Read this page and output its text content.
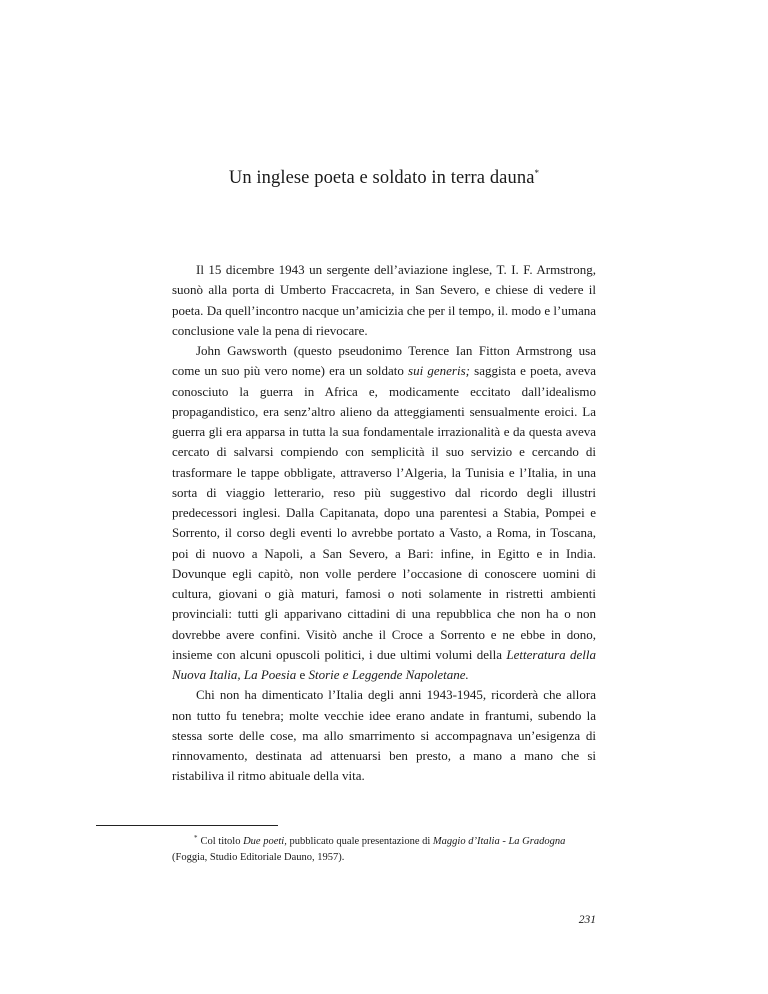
Un inglese poeta e soldato in terra dauna*

Il 15 dicembre 1943 un sergente dell’aviazione inglese, T. I. F. Armstrong, suonò alla porta di Umberto Fraccacreta, in San Severo, e chiese di vedere il poeta. Da quell’incontro nacque un’amicizia che per il tempo, il. modo e l’umana conclusione vale la pena di rievocare.

John Gawsworth (questo pseudonimo Terence Ian Fitton Armstrong usa come un suo più vero nome) era un soldato sui generis; saggista e poeta, aveva conosciuto la guerra in Africa e, modicamente eccitato dall’idealismo propagandistico, era senz’altro alieno da atteggiamenti sensualmente eroici. La guerra gli era apparsa in tutta la sua fondamentale irrazionalità e da questa aveva cercato di salvarsi compiendo con semplicità il suo servizio e cercando di trasformare le tappe obbligate, attraverso l’Algeria, la Tunisia e l’Italia, in una sorta di viaggio letterario, reso più suggestivo dal ricordo degli illustri predecessori inglesi. Dalla Capitanata, dopo una parentesi a Stabia, Pompei e Sorrento, il corso degli eventi lo avrebbe portato a Vasto, a Roma, in Toscana, poi di nuovo a Napoli, a San Severo, a Bari: infine, in Egitto e in India. Dovunque egli capitò, non volle perdere l’occasione di conoscere uomini di cultura, giovani o già maturi, famosi o noti solamente in ristretti ambienti provinciali: tutti gli apparivano cittadini di una repubblica che non ha o non dovrebbe avere confini. Visitò anche il Croce a Sorrento e ne ebbe in dono, insieme con alcuni opuscoli politici, i due ultimi volumi della Letteratura della Nuova Italia, La Poesia e Storie e Leggende Napoletane.

Chi non ha dimenticato l’Italia degli anni 1943-1945, ricorderà che allora non tutto fu tenebra; molte vecchie idee erano andate in frantumi, subendo la stessa sorte delle cose, ma allo smarrimento si accompagnava un’esigenza di rinnovamento, destinata ad attenuarsi ben presto, a mano a mano che si ristabiliva il ritmo abituale della vita.

* Col titolo Due poeti, pubblicato quale presentazione di Maggio d’Italia - La Gradogna (Foggia, Studio Editoriale Dauno, 1957).
231
